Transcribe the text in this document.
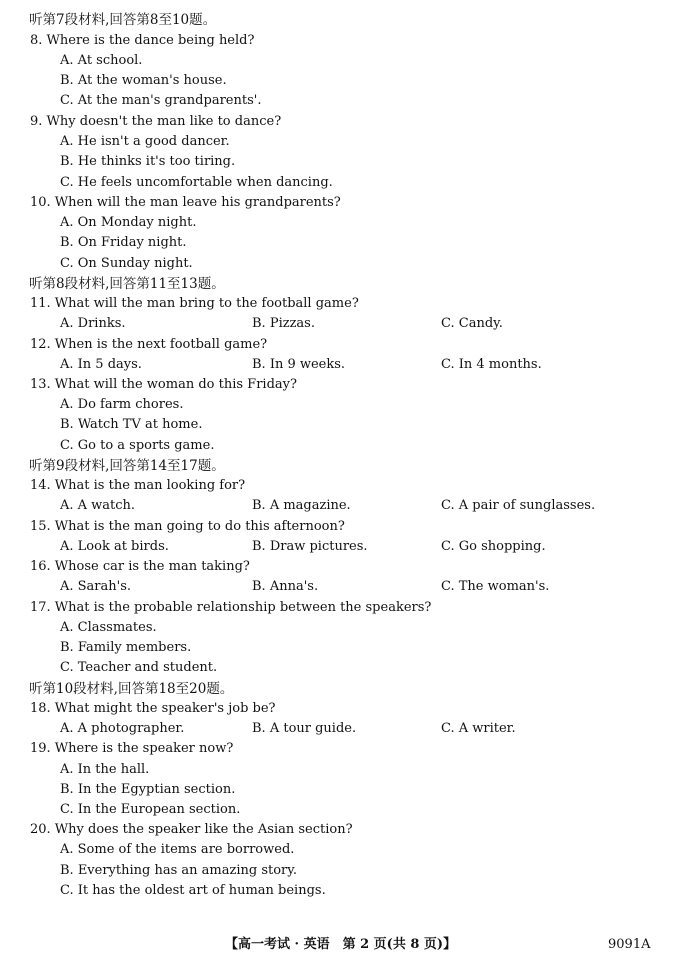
听第7段材料,回答第8至10题。
8. Where is the dance being held?
A. At school.
B. At the woman's house.
C. At the man's grandparents'.
9. Why doesn't the man like to dance?
A. He isn't a good dancer.
B. He thinks it's too tiring.
C. He feels uncomfortable when dancing.
10. When will the man leave his grandparents?
A. On Monday night.
B. On Friday night.
C. On Sunday night.
听第8段材料,回答第11至13题。
11. What will the man bring to the football game?
A. Drinks.	B. Pizzas.	C. Candy.
12. When is the next football game?
A. In 5 days.	B. In 9 weeks.	C. In 4 months.
13. What will the woman do this Friday?
A. Do farm chores.
B. Watch TV at home.
C. Go to a sports game.
听第9段材料,回答第14至17题。
14. What is the man looking for?
A. A watch.	B. A magazine.	C. A pair of sunglasses.
15. What is the man going to do this afternoon?
A. Look at birds.	B. Draw pictures.	C. Go shopping.
16. Whose car is the man taking?
A. Sarah's.	B. Anna's.	C. The woman's.
17. What is the probable relationship between the speakers?
A. Classmates.
B. Family members.
C. Teacher and student.
听第10段材料,回答第18至20题。
18. What might the speaker's job be?
A. A photographer.	B. A tour guide.	C. A writer.
19. Where is the speaker now?
A. In the hall.
B. In the Egyptian section.
C. In the European section.
20. Why does the speaker like the Asian section?
A. Some of the items are borrowed.
B. Everything has an amazing story.
C. It has the oldest art of human beings.
【高一考试 · 英语　第 2 页(共 8 页)】	9091A
